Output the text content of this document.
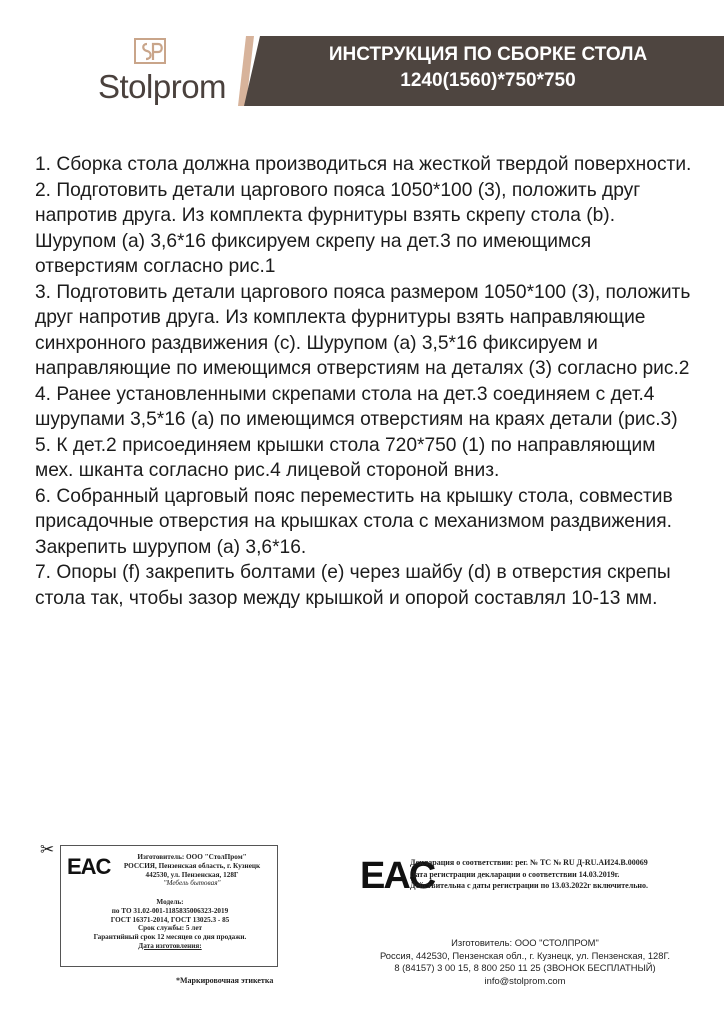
Stolprom
ИНСТРУКЦИЯ ПО СБОРКЕ СТОЛА
1240(1560)*750*750

1. Сборка стола должна производиться на жесткой твердой поверхности.

2. Подготовить детали царгового пояса 1050*100 (3), положить друг напротив друга. Из комплекта фурнитуры взять скрепу стола (b). Шурупом (а) 3,6*16 фиксируем скрепу на дет.3 по имеющимся отверстиям согласно рис.1

3. Подготовить детали царгового пояса размером 1050*100 (3), положить друг напротив друга. Из комплекта фурнитуры взять направляющие синхронного раздвижения (с). Шурупом (а) 3,5*16 фиксируем и направляющие по имеющимся отверстиям на деталях (3) согласно рис.2

4. Ранее установленными скрепами стола на дет.3 соединяем с дет.4 шурупами 3,5*16 (а) по имеющимся отверстиям на краях детали (рис.3)

5. К дет.2 присоединяем крышки стола 720*750 (1) по направляющим мех. шканта согласно рис.4 лицевой стороной вниз.

6. Собранный царговый пояс переместить на крышку стола, совместив присадочные отверстия на крышках стола с механизмом раздвижения. Закрепить шурупом (а) 3,6*16.

7. Опоры (f) закрепить болтами (е) через шайбу (d) в отверстия скрепы стола так, чтобы зазор между крышкой и опорой составлял 10-13 мм.

✂
EAC	Изготовитель: ООО "СтолПром"
РОССИЯ, Пензенская область, г. Кузнецк
442530, ул. Пензенская, 128Г
"Мебель бытовая"
Модель:
по ТО 31.02-001-1185835006323-2019
ГОСТ 16371-2014, ГОСТ 13025.3 - 85
Срок службы: 5 лет
Гарантийный срок 12 месяцев со дня продажи.
Дата изготовления:
*Маркировочная этикетка
EAC

Декларация о соответствии: рег. № ТС № RU Д-RU.АИ24.В.00069

Дата регистрации декларации о соответствии 14.03.2019г.

Действительна с даты регистрации по 13.03.2022г включительно.

Изготовитель: ООО "СТОЛПРОМ"

Россия, 442530, Пензенская обл., г. Кузнецк, ул. Пензенская, 128Г.

8 (84157) 3 00 15, 8 800 250 11 25 (ЗВОНОК БЕСПЛАТНЫЙ)

info@stolprom.com
